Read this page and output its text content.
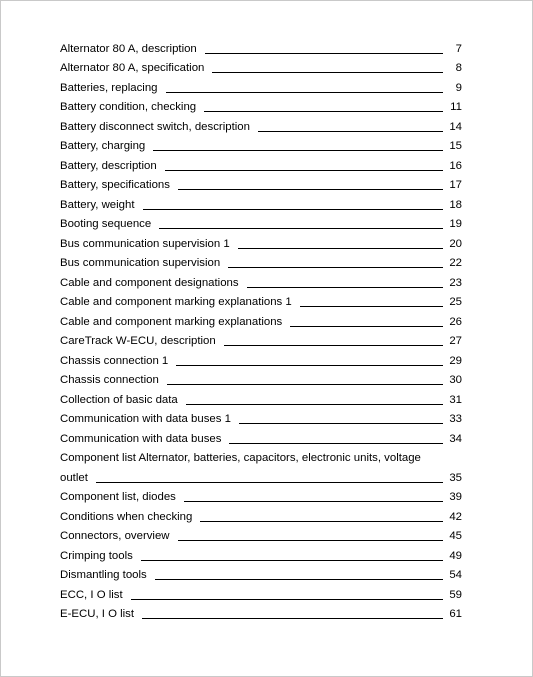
Alternator 80 A, description	7
Alternator 80 A, specification	8
Batteries, replacing	9
Battery condition, checking	11
Battery disconnect switch, description	14
Battery, charging	15
Battery, description	16
Battery, specifications	17
Battery, weight	18
Booting sequence	19
Bus communication supervision 1	20
Bus communication supervision	22
Cable and component designations	23
Cable and component marking explanations 1	25
Cable and component marking explanations	26
CareTrack W-ECU, description	27
Chassis connection 1	29
Chassis connection	30
Collection of basic data	31
Communication with data buses 1	33
Communication with data buses	34
Component list Alternator, batteries, capacitors, electronic units, voltage
outlet	35
Component list, diodes	39
Conditions when checking	42
Connectors, overview	45
Crimping tools	49
Dismantling tools	54
ECC, I O list	59
E-ECU, I O list	61
